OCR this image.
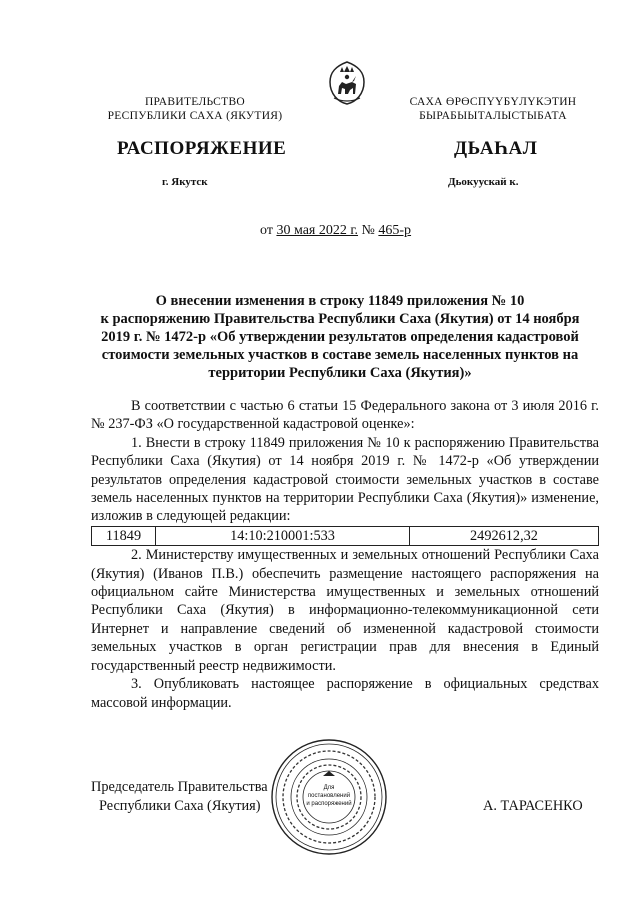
ПРАВИТЕЛЬСТВО
РЕСПУБЛИКИ САХА (ЯКУТИЯ)
САХА ӨРӨСПҮҮБҮЛҮКЭТИН
БЫРАБЫЫТАЛЫСТЫБАТА
РАСПОРЯЖЕНИЕ	ДЬАҺАЛ
г. Якутск	Дьокуускай к.
от 30 мая 2022 г. № 465-р
О внесении изменения в строку 11849 приложения № 10
к распоряжению Правительства Республики Саха (Якутия) от 14 ноября
2019 г. № 1472-р «Об утверждении результатов определения кадастровой
стоимости земельных участков в составе земель населенных пунктов на
территории Республики Саха (Якутия)»

В соответствии с частью 6 статьи 15 Федерального закона от 3 июля 2016 г. № 237-ФЗ «О государственной кадастровой оценке»:

1. Внести в строку 11849 приложения № 10 к распоряжению Правительства Республики Саха (Якутия) от 14 ноября 2019 г. № 1472-р «Об утверждении результатов определения кадастровой стоимости земельных участков в составе земель населенных пунктов на территории Республики Саха (Якутия)» изменение, изложив в следующей редакции:

11849	14:10:210001:533	2492612,32

2. Министерству имущественных и земельных отношений Республики Саха (Якутия) (Иванов П.В.) обеспечить размещение настоящего распоряжения на официальном сайте Министерства имущественных и земельных отношений Республики Саха (Якутия) в информационно-телекоммуникационной сети Интернет и направление сведений об измененной кадастровой стоимости земельных участков в орган регистрации прав для внесения в Единый государственный реестр недвижимости.

3. Опубликовать настоящее распоряжение в официальных средствах массовой информации.

Для
постановлений
и распоряжений
Председатель Правительства
Республики Саха (Якутия)	А. ТАРАСЕНКО
